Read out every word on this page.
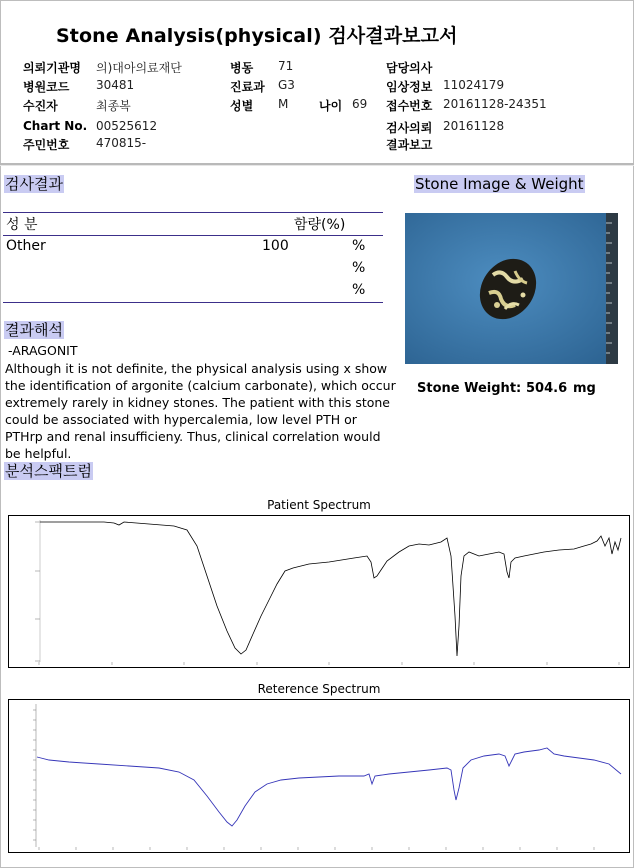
Stone Analysis(physical) 검사결과보고서
의뢰기관명 의)대아의료재단
병원코드 30481
수진자	최종복
Chart No. 00525612
주민번호 470815-
병동 71
진료과 G3
성별 M	나이 69
담당의사
임상정보 11024179
접수번호 20161128-24351
검사의뢰 20161128
결과보고
검사결과
성 분	함량(%)
Other	100	%
%
%
결과해석
-ARAGONIT
Although it is not definite, the physical analysis using x show the identification of argonite (calcium carbonate), which occur extremely rarely in kidney stones. The patient with this stone could be associated with hypercalemia, low level PTH or PTHrp and renal insufficieny. Thus, clinical correlation would be helpful.
Stone Image & Weight
Stone Weight: 504.6 mg
분석스팩트럼
Patient Spectrum
Reterence Spectrum
